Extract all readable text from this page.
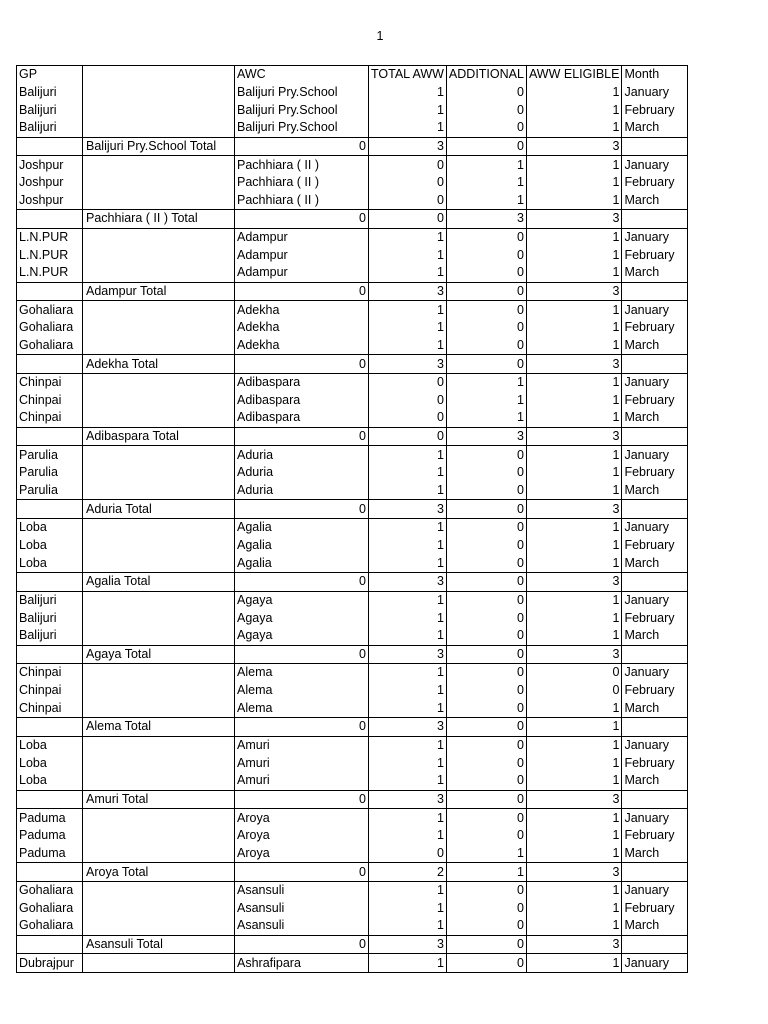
1
GP		AWC	TOTAL AWW	ADDITIONAL	AWW ELIGIBLE	Month
Balijuri		Balijuri Pry.School	1	0	1	January
Balijuri		Balijuri Pry.School	1	0	1	February
Balijuri		Balijuri Pry.School	1	0	1	March
	Balijuri Pry.School Total	0	3	0	3	
Joshpur		Pachhiara ( II )	0	1	1	January
Joshpur		Pachhiara ( II )	0	1	1	February
Joshpur		Pachhiara ( II )	0	1	1	March
	Pachhiara ( II ) Total	0	0	3	3	
L.N.PUR		Adampur	1	0	1	January
L.N.PUR		Adampur	1	0	1	February
L.N.PUR		Adampur	1	0	1	March
	Adampur Total	0	3	0	3	
Gohaliara		Adekha	1	0	1	January
Gohaliara		Adekha	1	0	1	February
Gohaliara		Adekha	1	0	1	March
	Adekha Total	0	3	0	3	
Chinpai		Adibaspara	0	1	1	January
Chinpai		Adibaspara	0	1	1	February
Chinpai		Adibaspara	0	1	1	March
	Adibaspara Total	0	0	3	3	
Parulia		Aduria	1	0	1	January
Parulia		Aduria	1	0	1	February
Parulia		Aduria	1	0	1	March
	Aduria Total	0	3	0	3	
Loba		Agalia	1	0	1	January
Loba		Agalia	1	0	1	February
Loba		Agalia	1	0	1	March
	Agalia Total	0	3	0	3	
Balijuri		Agaya	1	0	1	January
Balijuri		Agaya	1	0	1	February
Balijuri		Agaya	1	0	1	March
	Agaya Total	0	3	0	3	
Chinpai		Alema	1	0	0	January
Chinpai		Alema	1	0	0	February
Chinpai		Alema	1	0	1	March
	Alema Total	0	3	0	1	
Loba		Amuri	1	0	1	January
Loba		Amuri	1	0	1	February
Loba		Amuri	1	0	1	March
	Amuri Total	0	3	0	3	
Paduma		Aroya	1	0	1	January
Paduma		Aroya	1	0	1	February
Paduma		Aroya	0	1	1	March
	Aroya Total	0	2	1	3	
Gohaliara		Asansuli	1	0	1	January
Gohaliara		Asansuli	1	0	1	February
Gohaliara		Asansuli	1	0	1	March
	Asansuli Total	0	3	0	3	
Dubrajpur		Ashrafipara	1	0	1	January
